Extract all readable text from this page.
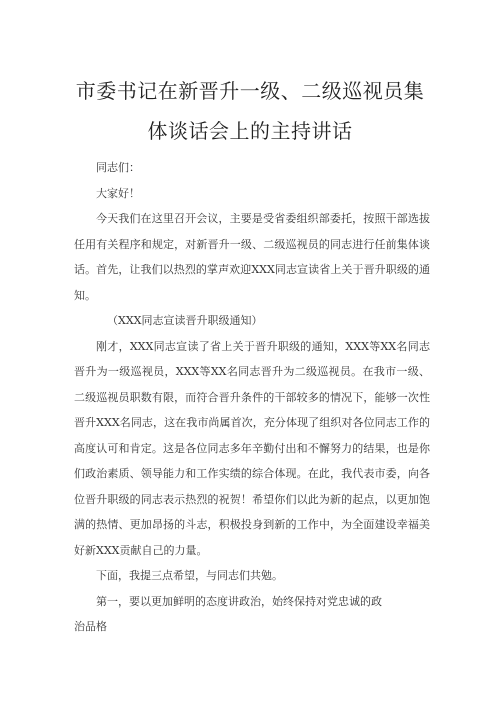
市委书记在新晋升一级、二级巡视员集
体谈话会上的主持讲话

同志们：

大家好！

今天我们在这里召开会议，主要是受省委组织部委托，按照干部选拔任用有关程序和规定，对新晋升一级、二级巡视员的同志进行任前集体谈话。首先，让我们以热烈的掌声欢迎XXX同志宣读省上关于晋升职级的通知。

（XXX同志宣读晋升职级通知）

刚才，XXX同志宣读了省上关于晋升职级的通知，XXX等XX名同志晋升为一级巡视员，XXX等XX名同志晋升为二级巡视员。在我市一级、二级巡视员职数有限，而符合晋升条件的干部较多的情况下，能够一次性晋升XXX名同志，这在我市尚属首次，充分体现了组织对各位同志工作的高度认可和肯定。这是各位同志多年辛勤付出和不懈努力的结果，也是你们政治素质、领导能力和工作实绩的综合体现。在此，我代表市委，向各位晋升职级的同志表示热烈的祝贺！希望你们以此为新的起点，以更加饱满的热情、更加昂扬的斗志，积极投身到新的工作中，为全面建设幸福美好新XXX贡献自己的力量。

下面，我提三点希望，与同志们共勉。

第一，要以更加鲜明的态度讲政治，始终保持对党忠诚的政

治品格
